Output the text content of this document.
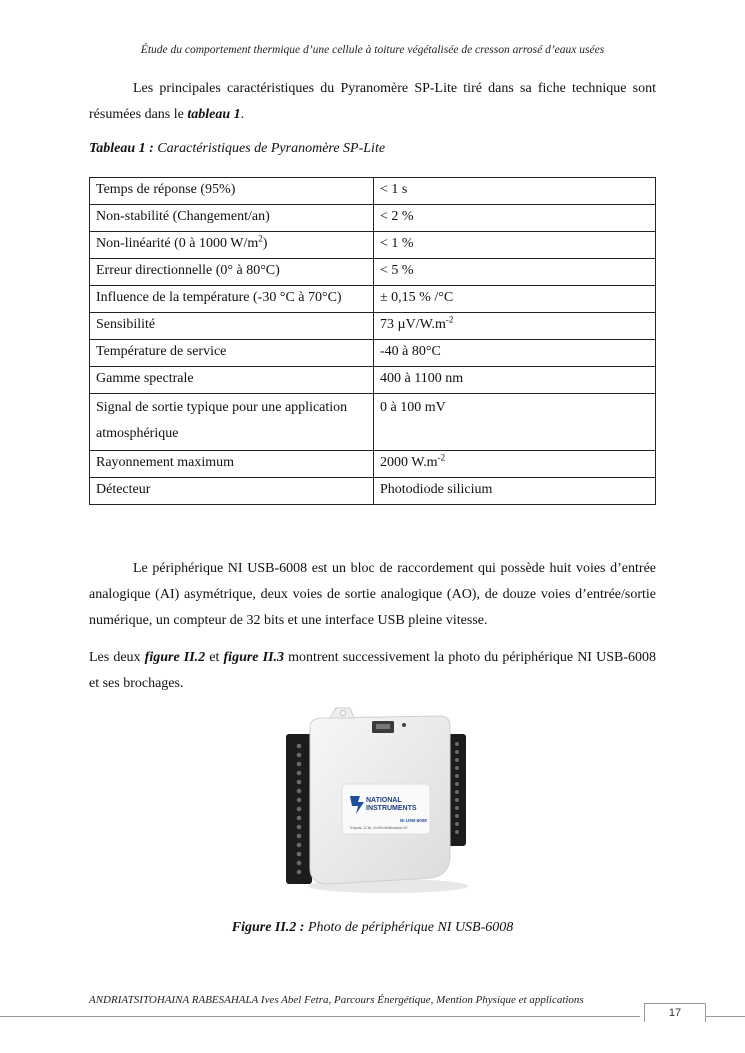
Étude du comportement thermique d’une cellule à toiture végétalisée de cresson arrosé d’eaux usées
Les principales caractéristiques du Pyranomère SP-Lite tiré dans sa fiche technique sont résumées dans le tableau 1.
Tableau 1 : Caractéristiques de Pyranomère SP-Lite
Temps de réponse (95%)	< 1 s
Non-stabilité (Changement/an)	< 2 %
Non-linéarité (0 à 1000 $W/m^2$)	< 1 %
Erreur directionnelle (0° à 80°C)	< 5 %
Influence de la température (-30 °C à 70°C)	± 0,15 % /°C
Sensibilité	73 $\mu V/W.m^{-2}$
Température de service	-40 à 80°C
Gamme spectrale	400 à 1100 nm
Signal de sortie typique pour une application atmosphérique	0 à 100 mV
Rayonnement maximum	2000 $W.m^{-2}$
Détecteur	Photodiode silicium
Le périphérique NI USB-6008 est un bloc de raccordement qui possède huit voies d’entrée analogique (AI) asymétrique, deux voies de sortie analogique (AO), de douze voies d’entrée/sortie numérique, un compteur de 32 bits et une interface USB pleine vitesse.
Les deux figure II.2 et figure II.3 montrent successivement la photo du périphérique NI USB-6008 et ses brochages.
NATIONAL
INSTRUMENTS
NI USB-6008
8 Inputs, 12-bit, 10 kS/s Multifunction I/O
Figure II.2 : Photo de périphérique NI USB-6008
ANDRIATSITOHAINA RABESAHALA Ives Abel Fetra, Parcours Énergétique, Mention Physique et applications
17
